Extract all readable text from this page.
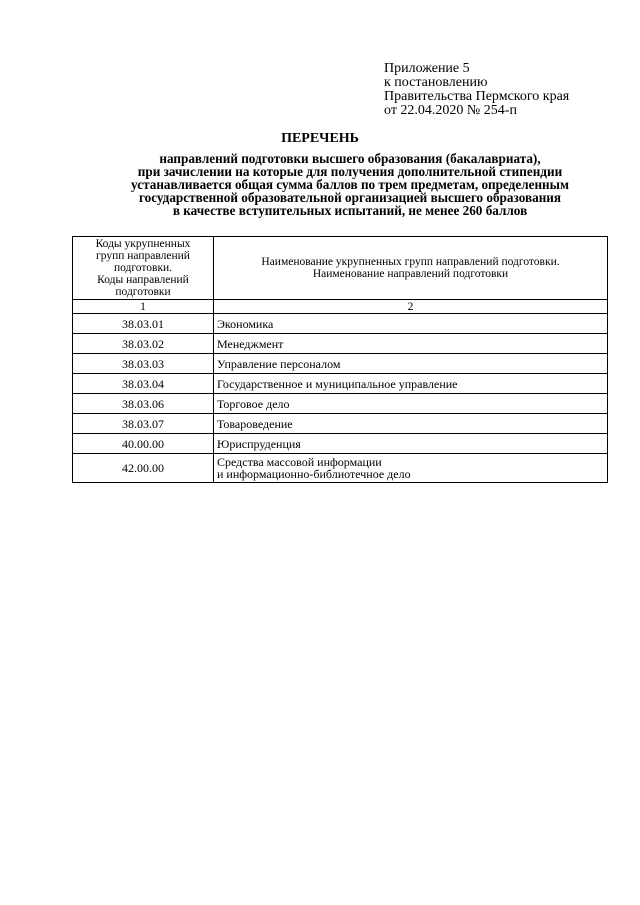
Приложение 5
к постановлению
Правительства Пермского края
от 22.04.2020 № 254-п
ПЕРЕЧЕНЬ
направлений подготовки высшего образования (бакалавриата),
при зачислении на которые для получения дополнительной стипендии
устанавливается общая сумма баллов по трем предметам, определенным
государственной образовательной организацией высшего образования
в качестве вступительных испытаний, не менее 260 баллов
Коды укрупненных
групп направлений
подготовки.
Коды направлений
подготовки	Наименование укрупненных групп направлений подготовки.
Наименование направлений подготовки

1	2
38.03.01	Экономика
38.03.02	Менеджмент
38.03.03	Управление персоналом
38.03.04	Государственное и муниципальное управление
38.03.06	Торговое дело
38.03.07	Товароведение
40.00.00	Юриспруденция
42.00.00	Средства массовой информации
и информационно-библиотечное дело
